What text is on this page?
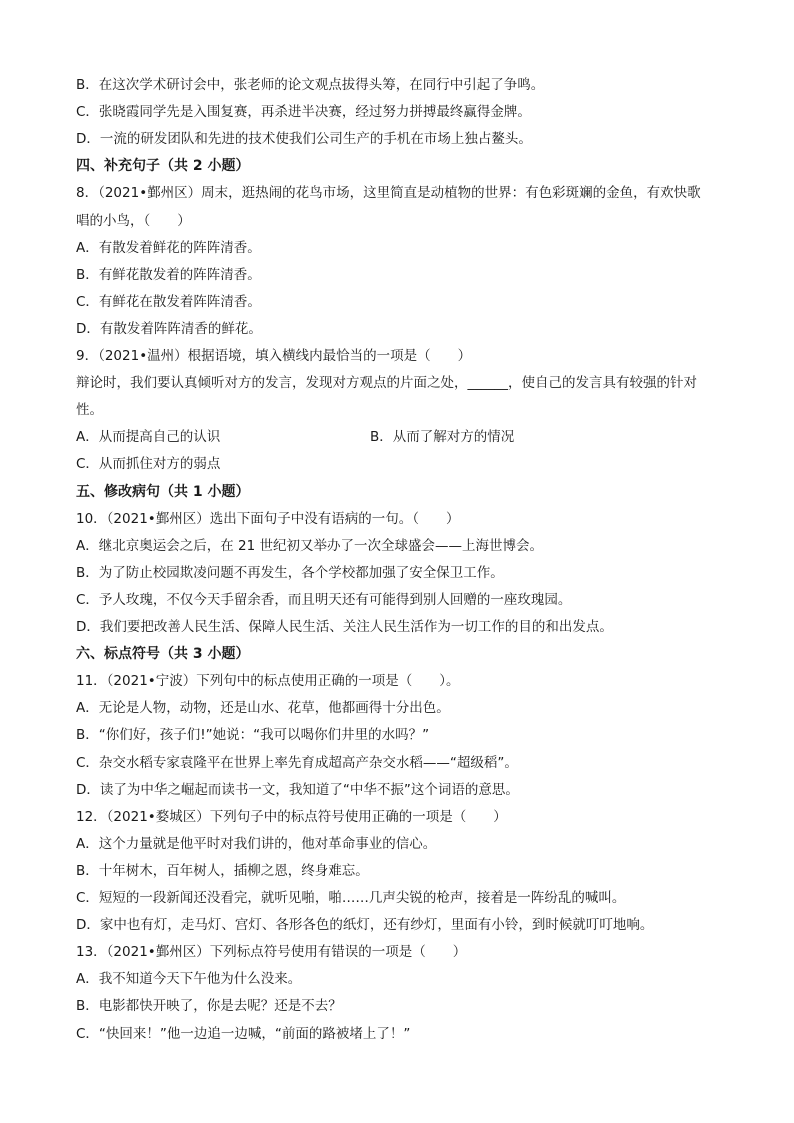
B．在这次学术研讨会中，张老师的论文观点拔得头筹，在同行中引起了争鸣。
C．张晓霞同学先是入围复赛，再杀进半决赛，经过努力拼搏最终赢得金牌。
D．一流的研发团队和先进的技术使我们公司生产的手机在市场上独占鳌头。
四、补充句子（共 2 小题）
8．（2021•鄞州区）周末，逛热闹的花鸟市场，这里简直是动植物的世界：有色彩斑斓的金鱼，有欢快歌
唱的小鸟，（　　）
A．有散发着鲜花的阵阵清香。
B．有鲜花散发着的阵阵清香。
C．有鲜花在散发着阵阵清香。
D．有散发着阵阵清香的鲜花。
9．（2021•温州）根据语境，填入横线内最恰当的一项是（　　）
辩论时，我们要认真倾听对方的发言，发现对方观点的片面之处，______，使自己的发言具有较强的针对
性。
A．从而提高自己的认识	B．从而了解对方的情况
C．从而抓住对方的弱点
五、修改病句（共 1 小题）
10．（2021•鄞州区）选出下面句子中没有语病的一句。（　　）
A．继北京奥运会之后，在 21 世纪初又举办了一次全球盛会——上海世博会。
B．为了防止校园欺凌问题不再发生，各个学校都加强了安全保卫工作。
C．予人玫瑰，不仅今天手留余香，而且明天还有可能得到别人回赠的一座玫瑰园。
D．我们要把改善人民生活、保障人民生活、关注人民生活作为一切工作的目的和出发点。
六、标点符号（共 3 小题）
11．（2021•宁波）下列句中的标点使用正确的一项是（　　）。
A．无论是人物，动物，还是山水、花草，他都画得十分出色。
B．“你们好，孩子们!”她说：“我可以喝你们井里的水吗？”
C．杂交水稻专家袁隆平在世界上率先育成超高产杂交水稻——“超级稻”。
D．读了为中华之崛起而读书一文，我知道了“中华不振”这个词语的意思。
12．（2021•婺城区）下列句子中的标点符号使用正确的一项是（　　）
A．这个力量就是他平时对我们讲的，他对革命事业的信心。
B．十年树木，百年树人，插柳之恩，终身难忘。
C．短短的一段新闻还没看完，就听见啪，啪……几声尖锐的枪声，接着是一阵纷乱的喊叫。
D．家中也有灯，走马灯、宫灯、各形各色的纸灯，还有纱灯，里面有小铃，到时候就叮叮地响。
13．（2021•鄞州区）下列标点符号使用有错误的一项是（　　）
A．我不知道今天下午他为什么没来。
B．电影都快开映了，你是去呢？还是不去？
C．“快回来！”他一边追一边喊，“前面的路被堵上了！”
